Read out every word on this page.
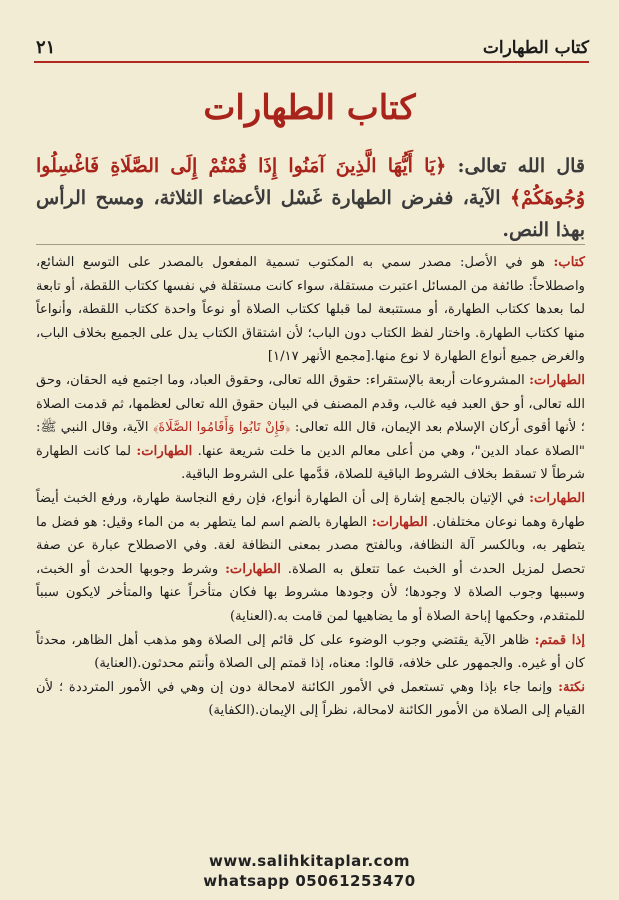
كتاب الطهارات
٢١
كتاب الطهارات
قال الله تعالى: ﴿يَا أَيُّهَا الَّذِينَ آمَنُوا إِذَا قُمْتُمْ إِلَى الصَّلَاةِ فَاغْسِلُوا وُجُوهَكُمْ﴾ الآية، ففرض الطهارة غَسْل الأعضاء الثلاثة، ومسح الرأس بهذا النص.

كتاب: هو في الأصل: مصدر سمي به المكتوب تسمية المفعول بالمصدر على التوسع الشائع، واصطلاحاً: طائفة من المسائل اعتبرت مستقلة، سواء كانت مستقلة في نفسها ككتاب اللقطة، أو تابعة لما بعدها ككتاب الطهارة، أو مستتبعة لما قبلها ككتاب الصلاة أو نوعاً واحدة ككتاب اللقطة، وأنواعاً منها ككتاب الطهارة. واختار لفظ الكتاب دون الباب؛ لأن اشتقاق الكتاب يدل على الجميع بخلاف الباب، والغرض جميع أنواع الطهارة لا نوع منها.[مجمع الأنهر ١/١٧]

الطهارات: المشروعات أربعة بالإستقراء: حقوق الله تعالى، وحقوق العباد، وما اجتمع فيه الحقان، وحق الله تعالى، أو حق العبد فيه غالب، وقدم المصنف في البيان حقوق الله تعالى لعظمها، ثم قدمت الصلاة ؛ لأنها أقوى أركان الإسلام بعد الإيمان، قال الله تعالى: ﴿فَإِنْ تَابُوا وَأَقَامُوا الصَّلَاةَ﴾ الآية، وقال النبي ﷺ: "الصلاة عماد الدين"، وهي من أعلى معالم الدين ما خلت شريعة عنها. الطهارات: لما كانت الطهارة شرطاً لا تسقط بخلاف الشروط الباقية للصلاة، قدَّمها على الشروط الباقية.

الطهارات: في الإتيان بالجمع إشارة إلى أن الطهارة أنواع، فإن رفع النجاسة طهارة، ورفع الخبث أيضاً طهارة وهما نوعان مختلفان. الطهارات: الطهارة بالضم اسم لما يتطهر به من الماء وقيل: هو فضل ما يتطهر به، وبالكسر آلة النظافة، وبالفتح مصدر بمعنى النظافة لغة. وفي الاصطلاح عبارة عن صفة تحصل لمزيل الحدث أو الخبث عما تتعلق به الصلاة. الطهارات: وشرط وجوبها الحدث أو الخبث، وسببها وجوب الصلاة لا وجودها؛ لأن وجودها مشروط بها فكان متأخراً عنها والمتأخر لايكون سبباً للمتقدم، وحكمها إباحة الصلاة أو ما يضاهيها لمن قامت به.(العناية)

إذا قمتم: ظاهر الآية يقتضي وجوب الوضوء على كل قائم إلى الصلاة وهو مذهب أهل الظاهر، محدثاً كان أو غيره. والجمهور على خلافه، قالوا: معناه، إذا قمتم إلى الصلاة وأنتم محدثون.(العناية)

نكتة: وإنما جاء بإذا وهي تستعمل في الأمور الكائنة لامحالة دون إن وهي في الأمور المترددة ؛ لأن القيام إلى الصلاة من الأمور الكائنة لامحالة، نظراً إلى الإيمان.(الكفاية)

www.salihkitaplar.com
whatsapp 05061253470
